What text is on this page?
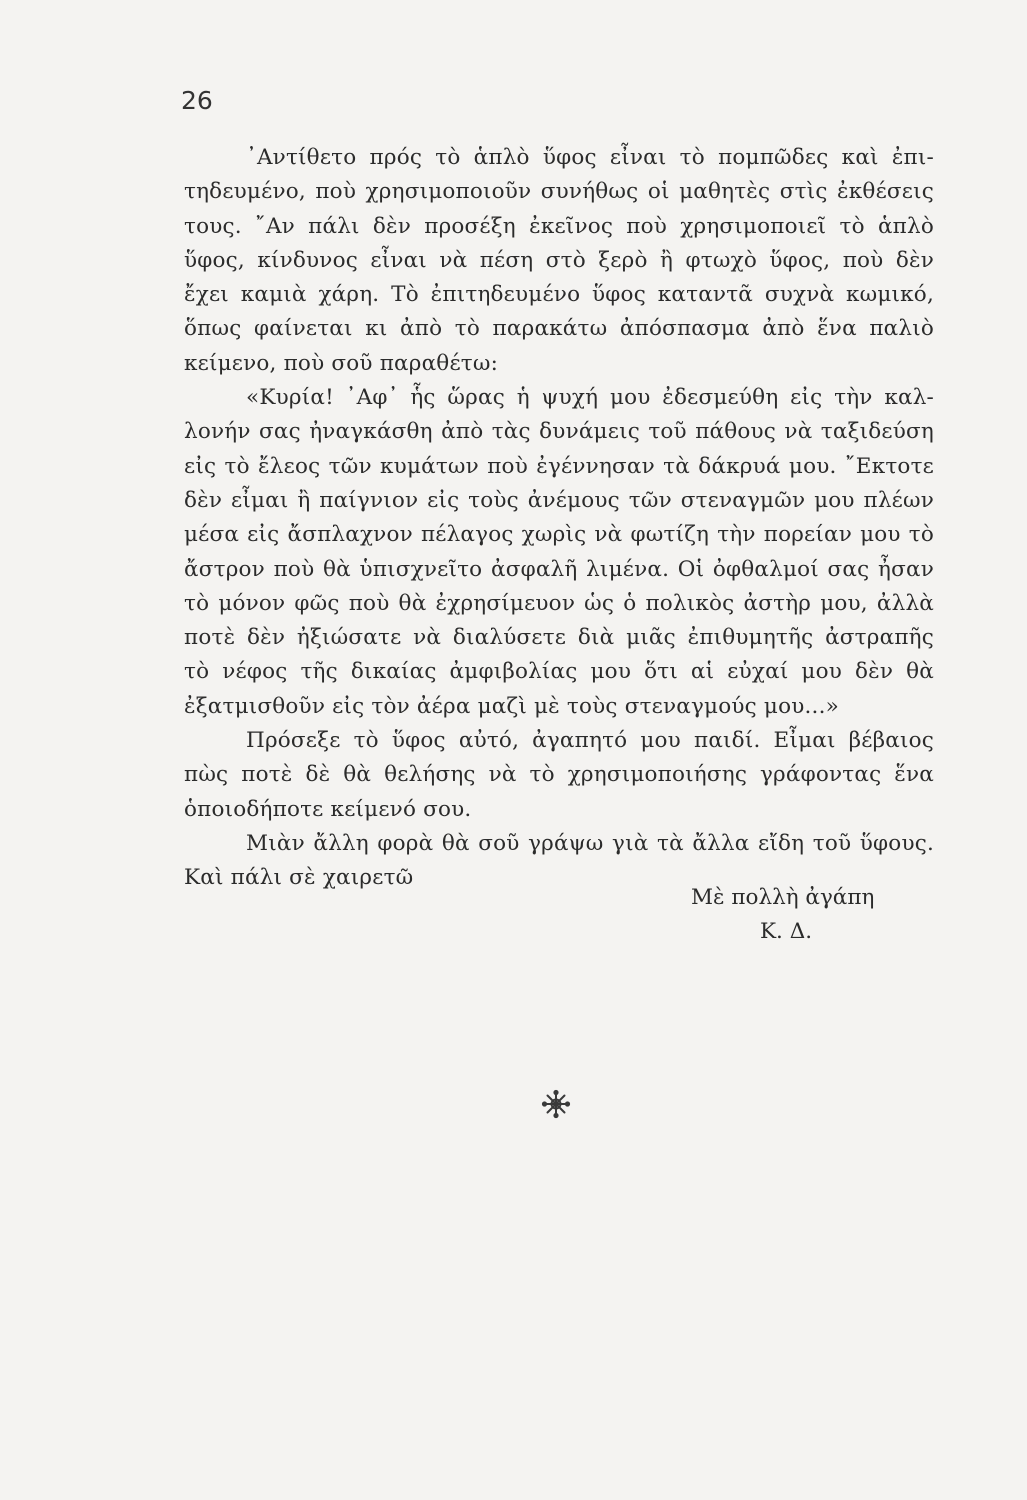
26
᾽Αντίθετο πρός τὸ ἁπλὸ ὕφος εἶναι τὸ πομπῶδες καὶ ἐπι-
τηδευμένο, ποὺ χρησιμοποιοῦν συνήθως οἱ μαθητὲς στὶς ἐκθέσεις
τους. ῎Αν πάλι δὲν προσέξη ἐκεῖνος ποὺ χρησιμοποιεῖ τὸ ἁπλὸ
ὕφος, κίνδυνος εἶναι νὰ πέση στὸ ξερὸ ἢ φτωχὸ ὕφος, ποὺ δὲν
ἔχει καμιὰ χάρη. Τὸ ἐπιτηδευμένο ὕφος καταντᾶ συχνὰ κωμικό,
ὅπως φαίνεται κι ἀπὸ τὸ παρακάτω ἀπόσπασμα ἀπὸ ἕνα παλιὸ
κείμενο, ποὺ σοῦ παραθέτω:
«Κυρία! ᾽Αφ᾽ ἧς ὥρας ἡ ψυχή μου ἐδεσμεύθη εἰς τὴν καλ-
λονήν σας ἠναγκάσθη ἀπὸ τὰς δυνάμεις τοῦ πάθους νὰ ταξιδεύση
εἰς τὸ ἔλεος τῶν κυμάτων ποὺ ἐγέννησαν τὰ δάκρυά μου. ῎Εκτοτε
δὲν εἶμαι ἢ παίγνιον εἰς τοὺς ἀνέμους τῶν στεναγμῶν μου πλέων
μέσα εἰς ἄσπλαχνον πέλαγος χωρὶς νὰ φωτίζη τὴν πορείαν μου τὸ
ἄστρον ποὺ θὰ ὑπισχνεῖτο ἀσφαλῆ λιμένα. Οἱ ὀφθαλμοί σας ἦσαν
τὸ μόνον φῶς ποὺ θὰ ἐχρησίμευον ὡς ὁ πολικὸς ἀστὴρ μου, ἀλλὰ
ποτὲ δὲν ἠξιώσατε νὰ διαλύσετε διὰ μιᾶς ἐπιθυμητῆς ἀστραπῆς
τὸ νέφος τῆς δικαίας ἀμφιβολίας μου ὅτι αἱ εὐχαί μου δὲν θὰ
ἐξατμισθοῦν εἰς τὸν ἀέρα μαζὶ μὲ τοὺς στεναγμούς μου...»
Πρόσεξε τὸ ὕφος αὐτό, ἀγαπητό μου παιδί. Εἶμαι βέβαιος
πὼς ποτὲ δὲ θὰ θελήσης νὰ τὸ χρησιμοποιήσης γράφοντας ἕνα
ὁποιοδήποτε κείμενό σου.
Μιὰν ἄλλη φορὰ θὰ σοῦ γράψω γιὰ τὰ ἄλλα εἴδη τοῦ ὕφους.
Καὶ πάλι σὲ χαιρετῶ
Μὲ πολλὴ ἀγάπη
Κ. Δ.
